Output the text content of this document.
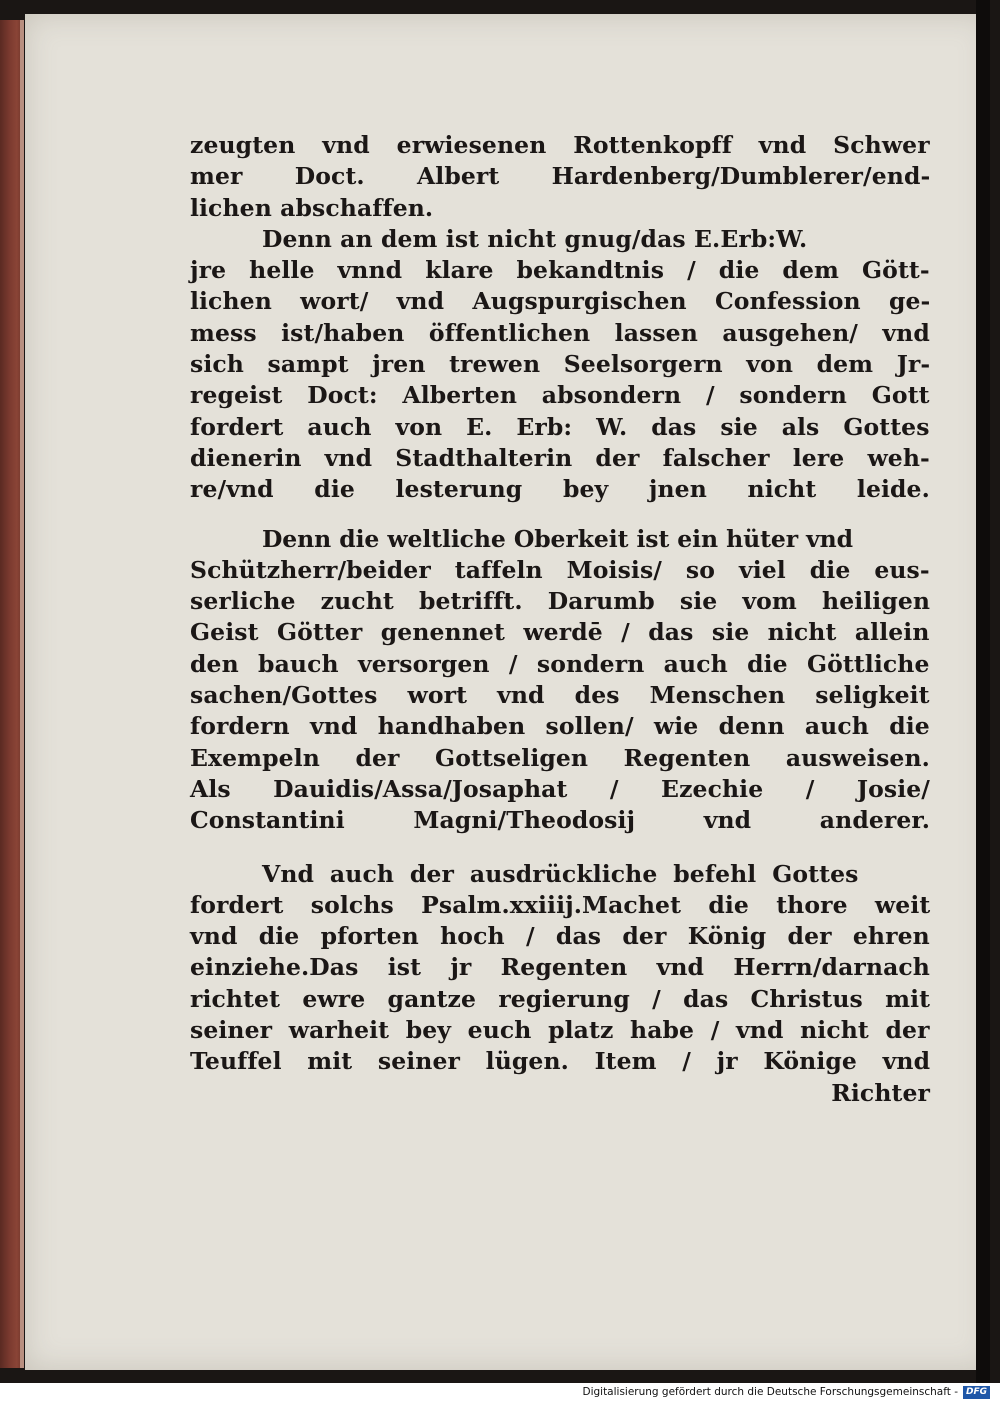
zeugten vnd erwiesenen Rottenkopff vnd Schwer
mer Doct. Albert Hardenberg/Dumblerer/end-
lichen abschaffen.
Denn an dem ist nicht gnug/das E.Erb:W.
jre helle vnnd klare bekandtnis / die dem Gött-
lichen wort/ vnd Augspurgischen Confession ge-
mess ist/haben öffentlichen lassen ausgehen/ vnd
sich sampt jren trewen Seelsorgern von dem Jr-
regeist Doct: Alberten absondern / sondern Gott
fordert auch von E. Erb: W. das sie als Gottes
dienerin vnd Stadthalterin der falscher lere weh-
re/vnd die lesterung bey jnen nicht leide.
Denn die weltliche Oberkeit ist ein hüter vnd
Schützherr/beider taffeln Moisis/ so viel die eus-
serliche zucht betrifft. Darumb sie vom heiligen
Geist Götter genennet werdē / das sie nicht allein
den bauch versorgen / sondern auch die Göttliche
sachen/Gottes wort vnd des Menschen seligkeit
fordern vnd handhaben sollen/ wie denn auch die
Exempeln der Gottseligen Regenten ausweisen.
Als Dauidis/Assa/Josaphat / Ezechie / Josie/
Constantini Magni/Theodosij vnd anderer.
Vnd auch der ausdrückliche befehl Gottes
fordert solchs Psalm.xxiiij.Machet die thore weit
vnd die pforten hoch / das der König der ehren
einziehe.Das ist jr Regenten vnd Herrn/darnach
richtet ewre gantze regierung / das Christus mit
seiner warheit bey euch platz habe / vnd nicht der
Teuffel mit seiner lügen. Item / jr Könige vnd
Richter
Digitalisierung gefördert durch die Deutsche Forschungsgemeinschaft - DFG
